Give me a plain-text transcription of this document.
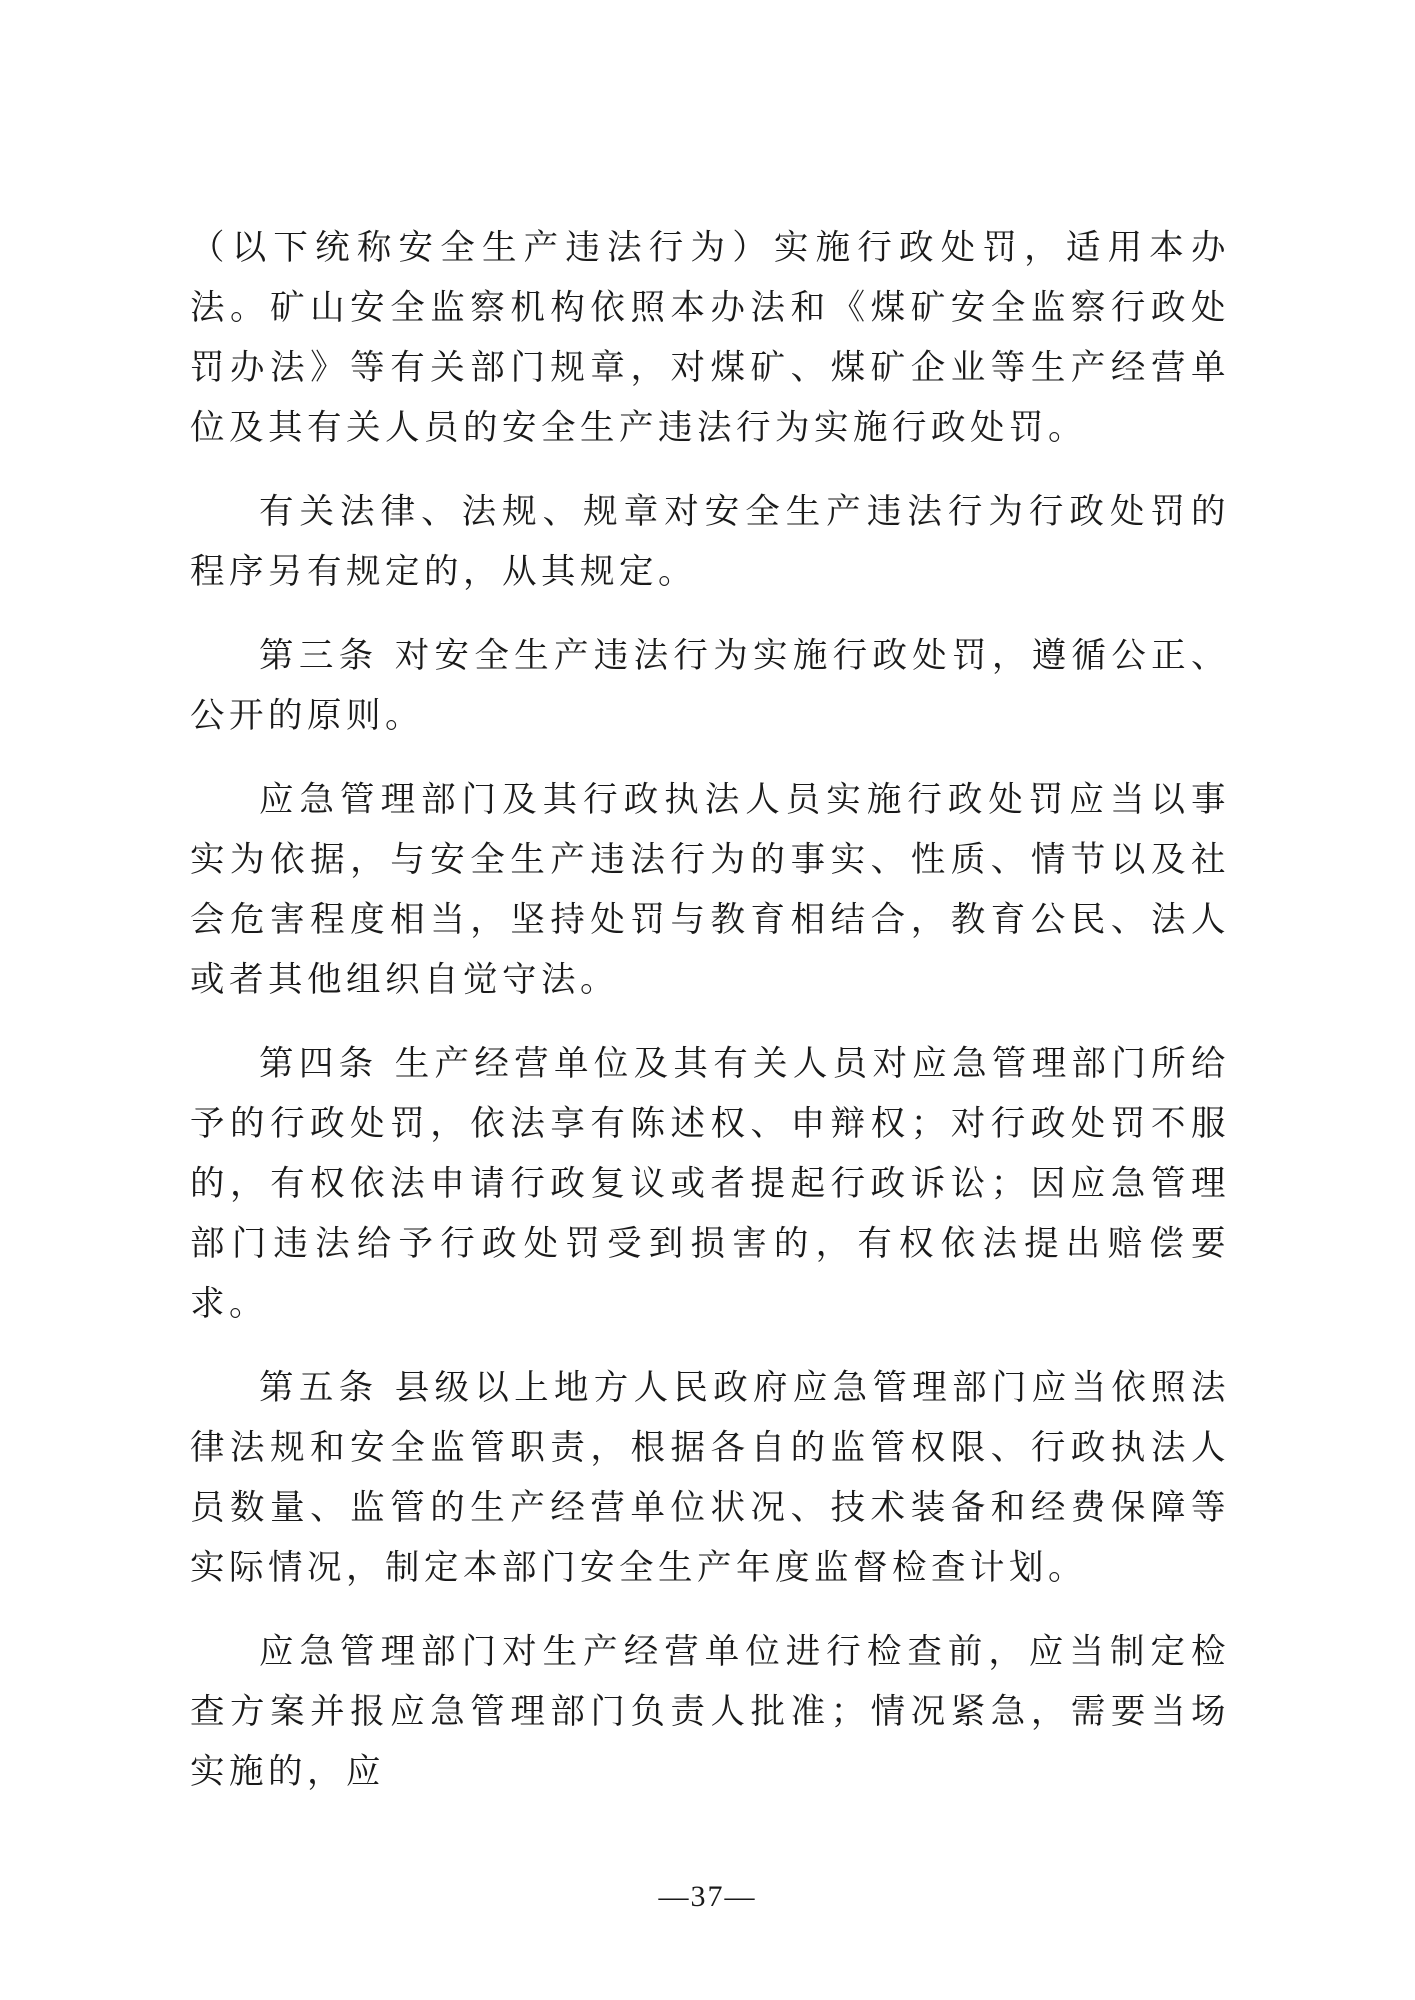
（以下统称安全生产违法行为）实施行政处罚，适用本办法。矿山安全监察机构依照本办法和《煤矿安全监察行政处罚办法》等有关部门规章，对煤矿、煤矿企业等生产经营单位及其有关人员的安全生产违法行为实施行政处罚。

有关法律、法规、规章对安全生产违法行为行政处罚的程序另有规定的，从其规定。

第三条 对安全生产违法行为实施行政处罚，遵循公正、公开的原则。

应急管理部门及其行政执法人员实施行政处罚应当以事实为依据，与安全生产违法行为的事实、性质、情节以及社会危害程度相当，坚持处罚与教育相结合，教育公民、法人或者其他组织自觉守法。

第四条 生产经营单位及其有关人员对应急管理部门所给予的行政处罚，依法享有陈述权、申辩权；对行政处罚不服的，有权依法申请行政复议或者提起行政诉讼；因应急管理部门违法给予行政处罚受到损害的，有权依法提出赔偿要求。

第五条 县级以上地方人民政府应急管理部门应当依照法律法规和安全监管职责，根据各自的监管权限、行政执法人员数量、监管的生产经营单位状况、技术装备和经费保障等实际情况，制定本部门安全生产年度监督检查计划。

应急管理部门对生产经营单位进行检查前，应当制定检查方案并报应急管理部门负责人批准；情况紧急，需要当场实施的，应

—37—
